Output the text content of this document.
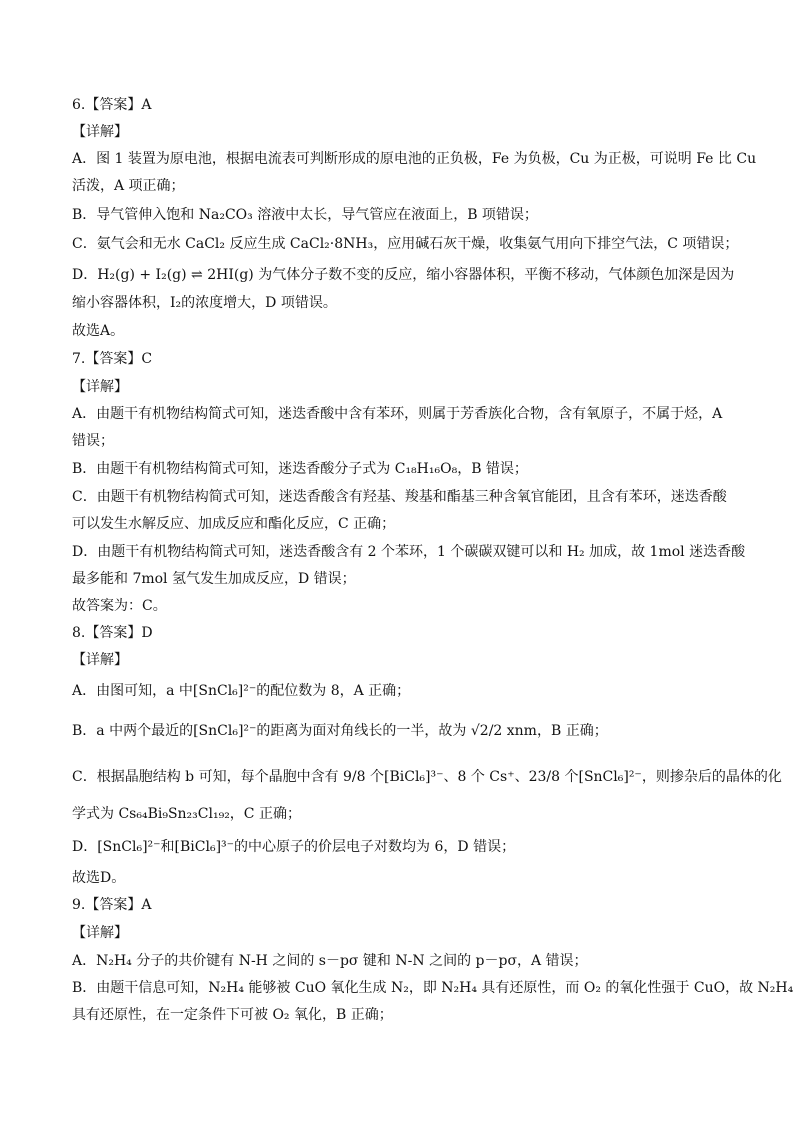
6.【答案】A
【详解】
A．图 1 装置为原电池，根据电流表可判断形成的原电池的正负极，Fe 为负极，Cu 为正极，可说明 Fe 比 Cu
活泼，A 项正确；
B．导气管伸入饱和 Na₂CO₃ 溶液中太长，导气管应在液面上，B 项错误；
C．氨气会和无水 CaCl₂ 反应生成 CaCl₂·8NH₃，应用碱石灰干燥，收集氨气用向下排空气法，C 项错误；
D．H₂(g) + I₂(g) ⇌ 2HI(g) 为气体分子数不变的反应，缩小容器体积，平衡不移动，气体颜色加深是因为
缩小容器体积，I₂的浓度增大，D 项错误。
故选A。
7.【答案】C
【详解】
A．由题干有机物结构简式可知，迷迭香酸中含有苯环，则属于芳香族化合物，含有氧原子，不属于烃，A
错误；
B．由题干有机物结构简式可知，迷迭香酸分子式为 C₁₈H₁₆O₈，B 错误；
C．由题干有机物结构简式可知，迷迭香酸含有羟基、羧基和酯基三种含氧官能团，且含有苯环，迷迭香酸
可以发生水解反应、加成反应和酯化反应，C 正确；
D．由题干有机物结构简式可知，迷迭香酸含有 2 个苯环，1 个碳碳双键可以和 H₂ 加成，故 1mol 迷迭香酸
最多能和 7mol 氢气发生加成反应，D 错误；
故答案为：C。
8.【答案】D
【详解】
A．由图可知，a 中[SnCl₆]²⁻的配位数为 8，A 正确；
B．a 中两个最近的[SnCl₆]²⁻的距离为面对角线长的一半，故为 √2/2 xnm，B 正确；
C．根据晶胞结构 b 可知，每个晶胞中含有 9/8 个[BiCl₆]³⁻、8 个 Cs⁺、23/8 个[SnCl₆]²⁻，则掺杂后的晶体的化
学式为 Cs₆₄Bi₉Sn₂₃Cl₁₉₂，C 正确；
D．[SnCl₆]²⁻和[BiCl₆]³⁻的中心原子的价层电子对数均为 6，D 错误；
故选D。
9.【答案】A
【详解】
A．N₂H₄ 分子的共价键有 N-H 之间的 s－pσ 键和 N-N 之间的 p－pσ，A 错误；
B．由题干信息可知，N₂H₄ 能够被 CuO 氧化生成 N₂，即 N₂H₄ 具有还原性，而 O₂ 的氧化性强于 CuO，故 N₂H₄
具有还原性，在一定条件下可被 O₂ 氧化，B 正确；
